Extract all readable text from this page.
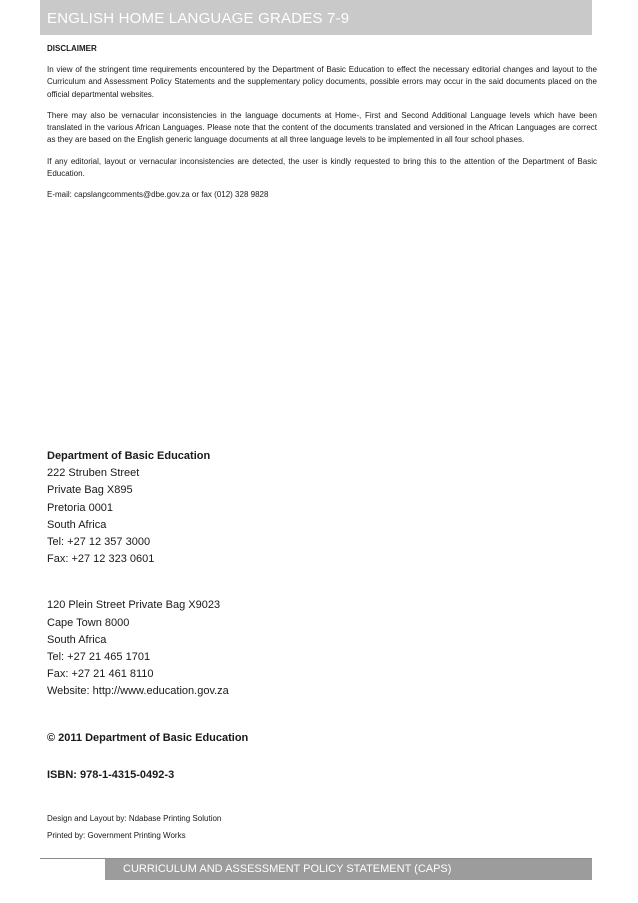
ENGLISH HOME LANGUAGE GRADES 7-9
DISCLAIMER

In view of the stringent time requirements encountered by the Department of Basic Education to effect the necessary editorial changes and layout to the Curriculum and Assessment Policy Statements and the supplementary policy documents, possible errors may occur in the said documents placed on the official departmental websites.

There may also be vernacular inconsistencies in the language documents at Home-, First and Second Additional Language levels which have been translated in the various African Languages. Please note that the content of the documents translated and versioned in the African Languages are correct as they are based on the English generic language documents at all three language levels to be implemented in all four school phases.

If any editorial, layout or vernacular inconsistencies are detected, the user is kindly requested to bring this to the attention of the Department of Basic Education.

E-mail: capslangcomments@dbe.gov.za or fax (012) 328 9828

Department of Basic Education
222 Struben Street
Private Bag X895
Pretoria 0001
South Africa
Tel: +27 12 357 3000
Fax: +27 12 323 0601
120 Plein Street Private Bag X9023
Cape Town 8000
South Africa
Tel: +27 21 465 1701
Fax: +27 21 461 8110
Website: http://www.education.gov.za
© 2011 Department of Basic Education
ISBN: 978-1-4315-0492-3
Design and Layout by: Ndabase Printing Solution
Printed by: Government Printing Works
CURRICULUM AND ASSESSMENT POLICY STATEMENT (CAPS)
